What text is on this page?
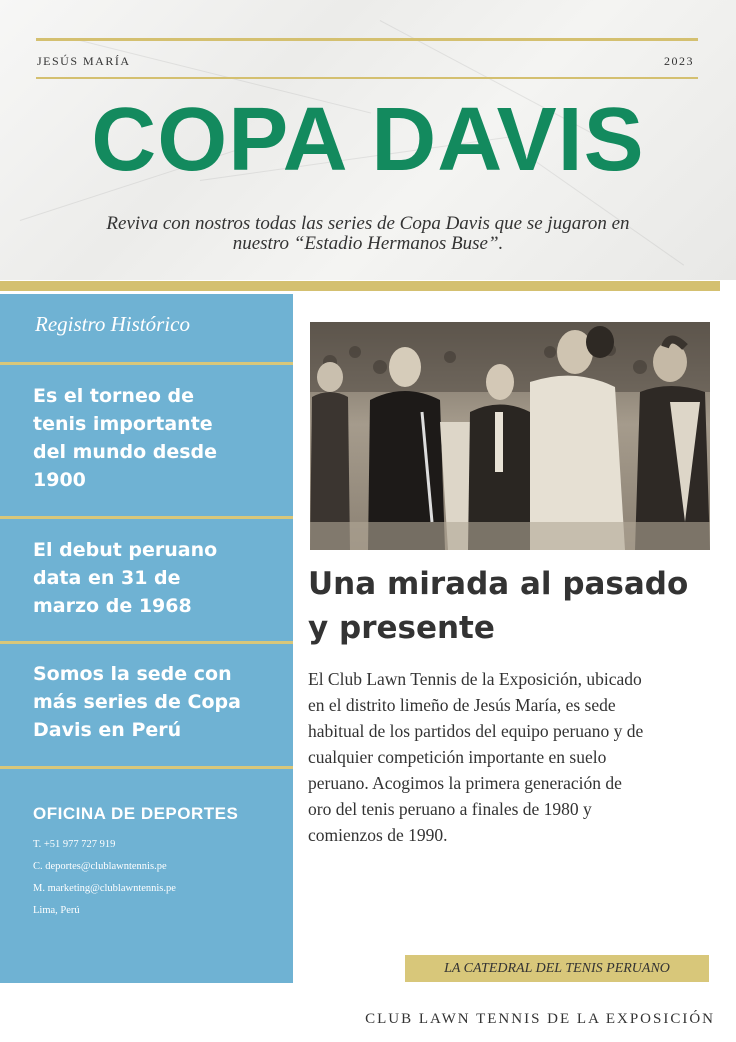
JESÚS MARÍA	2023
COPA DAVIS
Reviva con nostros todas las series de Copa Davis que se jugaron en
nuestro “Estadio Hermanos Buse”.
Registro Histórico
Es el torneo de
tenis importante
del mundo desde
1900
El debut peruano
data en 31 de
marzo de 1968
Somos la sede con
más series de Copa
Davis en Perú
OFICINA DE DEPORTES
T. +51 977 727 919
C. deportes@clublawntennis.pe
M. marketing@clublawntennis.pe
Lima, Perú
Una mirada al pasado
y presente
El Club Lawn Tennis de la Exposición, ubicado
en el distrito limeño de Jesús María, es sede
habitual de los partidos del equipo peruano y de
cualquier competición importante en suelo
peruano. Acogimos la primera generación de
oro del tenis peruano a finales de 1980 y
comienzos de 1990.
LA CATEDRAL DEL TENIS PERUANO
CLUB LAWN TENNIS DE LA EXPOSICIÓN
